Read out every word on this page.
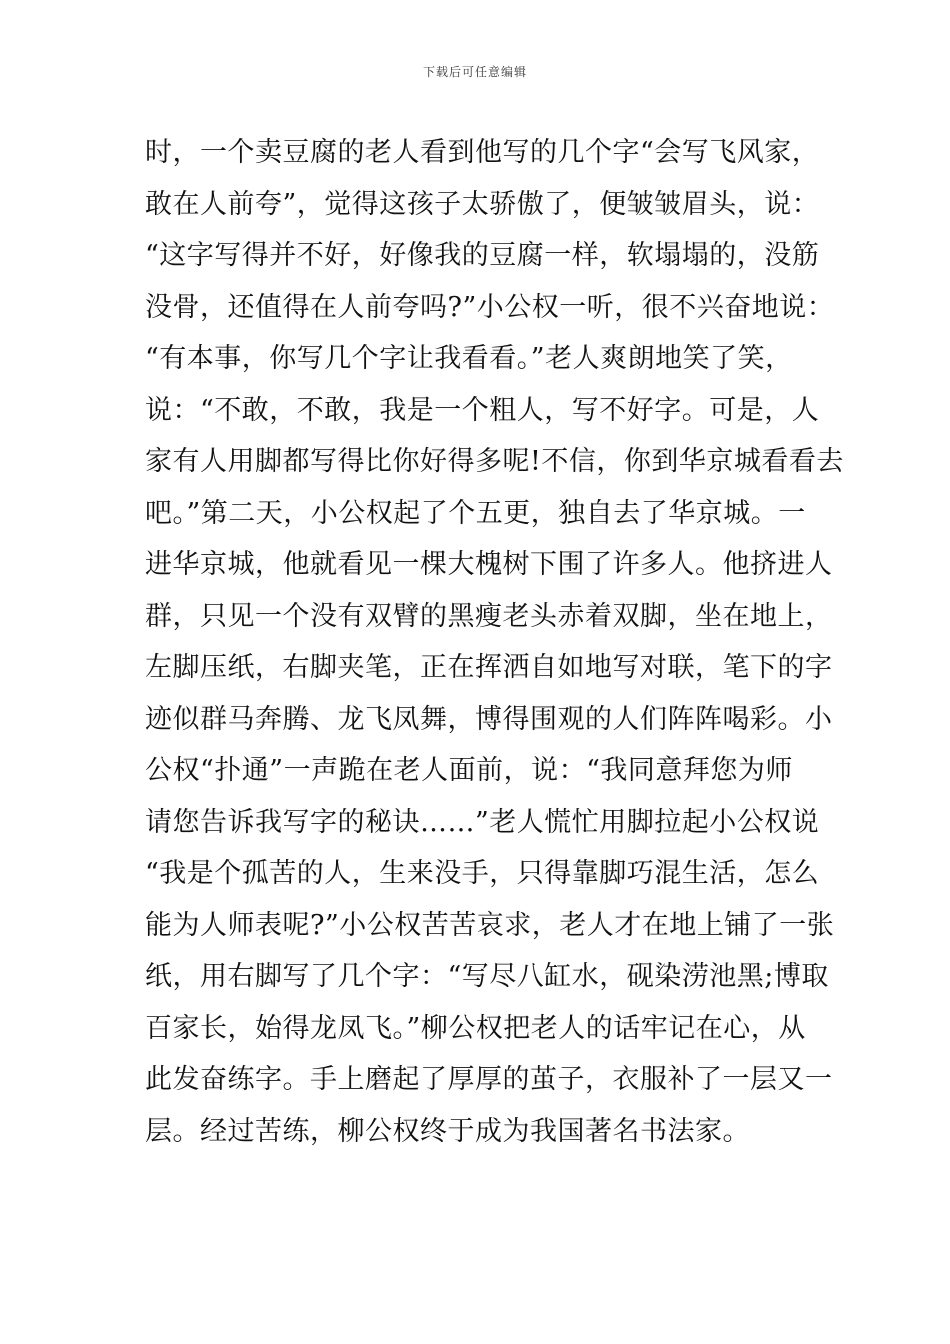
下载后可任意编辑
时，一个卖豆腐的老人看到他写的几个字“会写飞风家，
敢在人前夸”，觉得这孩子太骄傲了，便皱皱眉头，说：
“这字写得并不好，好像我的豆腐一样，软塌塌的，没筋
没骨，还值得在人前夸吗?”小公权一听，很不兴奋地说：
“有本事，你写几个字让我看看。”老人爽朗地笑了笑，
说：“不敢，不敢，我是一个粗人，写不好字。可是，人
家有人用脚都写得比你好得多呢!不信，你到华京城看看去
吧。”第二天，小公权起了个五更，独自去了华京城。一
进华京城，他就看见一棵大槐树下围了许多人。他挤进人
群，只见一个没有双臂的黑瘦老头赤着双脚，坐在地上，
左脚压纸，右脚夹笔，正在挥洒自如地写对联，笔下的字
迹似群马奔腾、龙飞凤舞，博得围观的人们阵阵喝彩。小
公权“扑通”一声跪在老人面前，说：“我同意拜您为师
请您告诉我写字的秘诀……”老人慌忙用脚拉起小公权说
“我是个孤苦的人，生来没手，只得靠脚巧混生活，怎么
能为人师表呢?”小公权苦苦哀求，老人才在地上铺了一张
纸，用右脚写了几个字：“写尽八缸水，砚染涝池黑;博取
百家长，始得龙凤飞。”柳公权把老人的话牢记在心，从
此发奋练字。手上磨起了厚厚的茧子，衣服补了一层又一
层。经过苦练，柳公权终于成为我国著名书法家。
